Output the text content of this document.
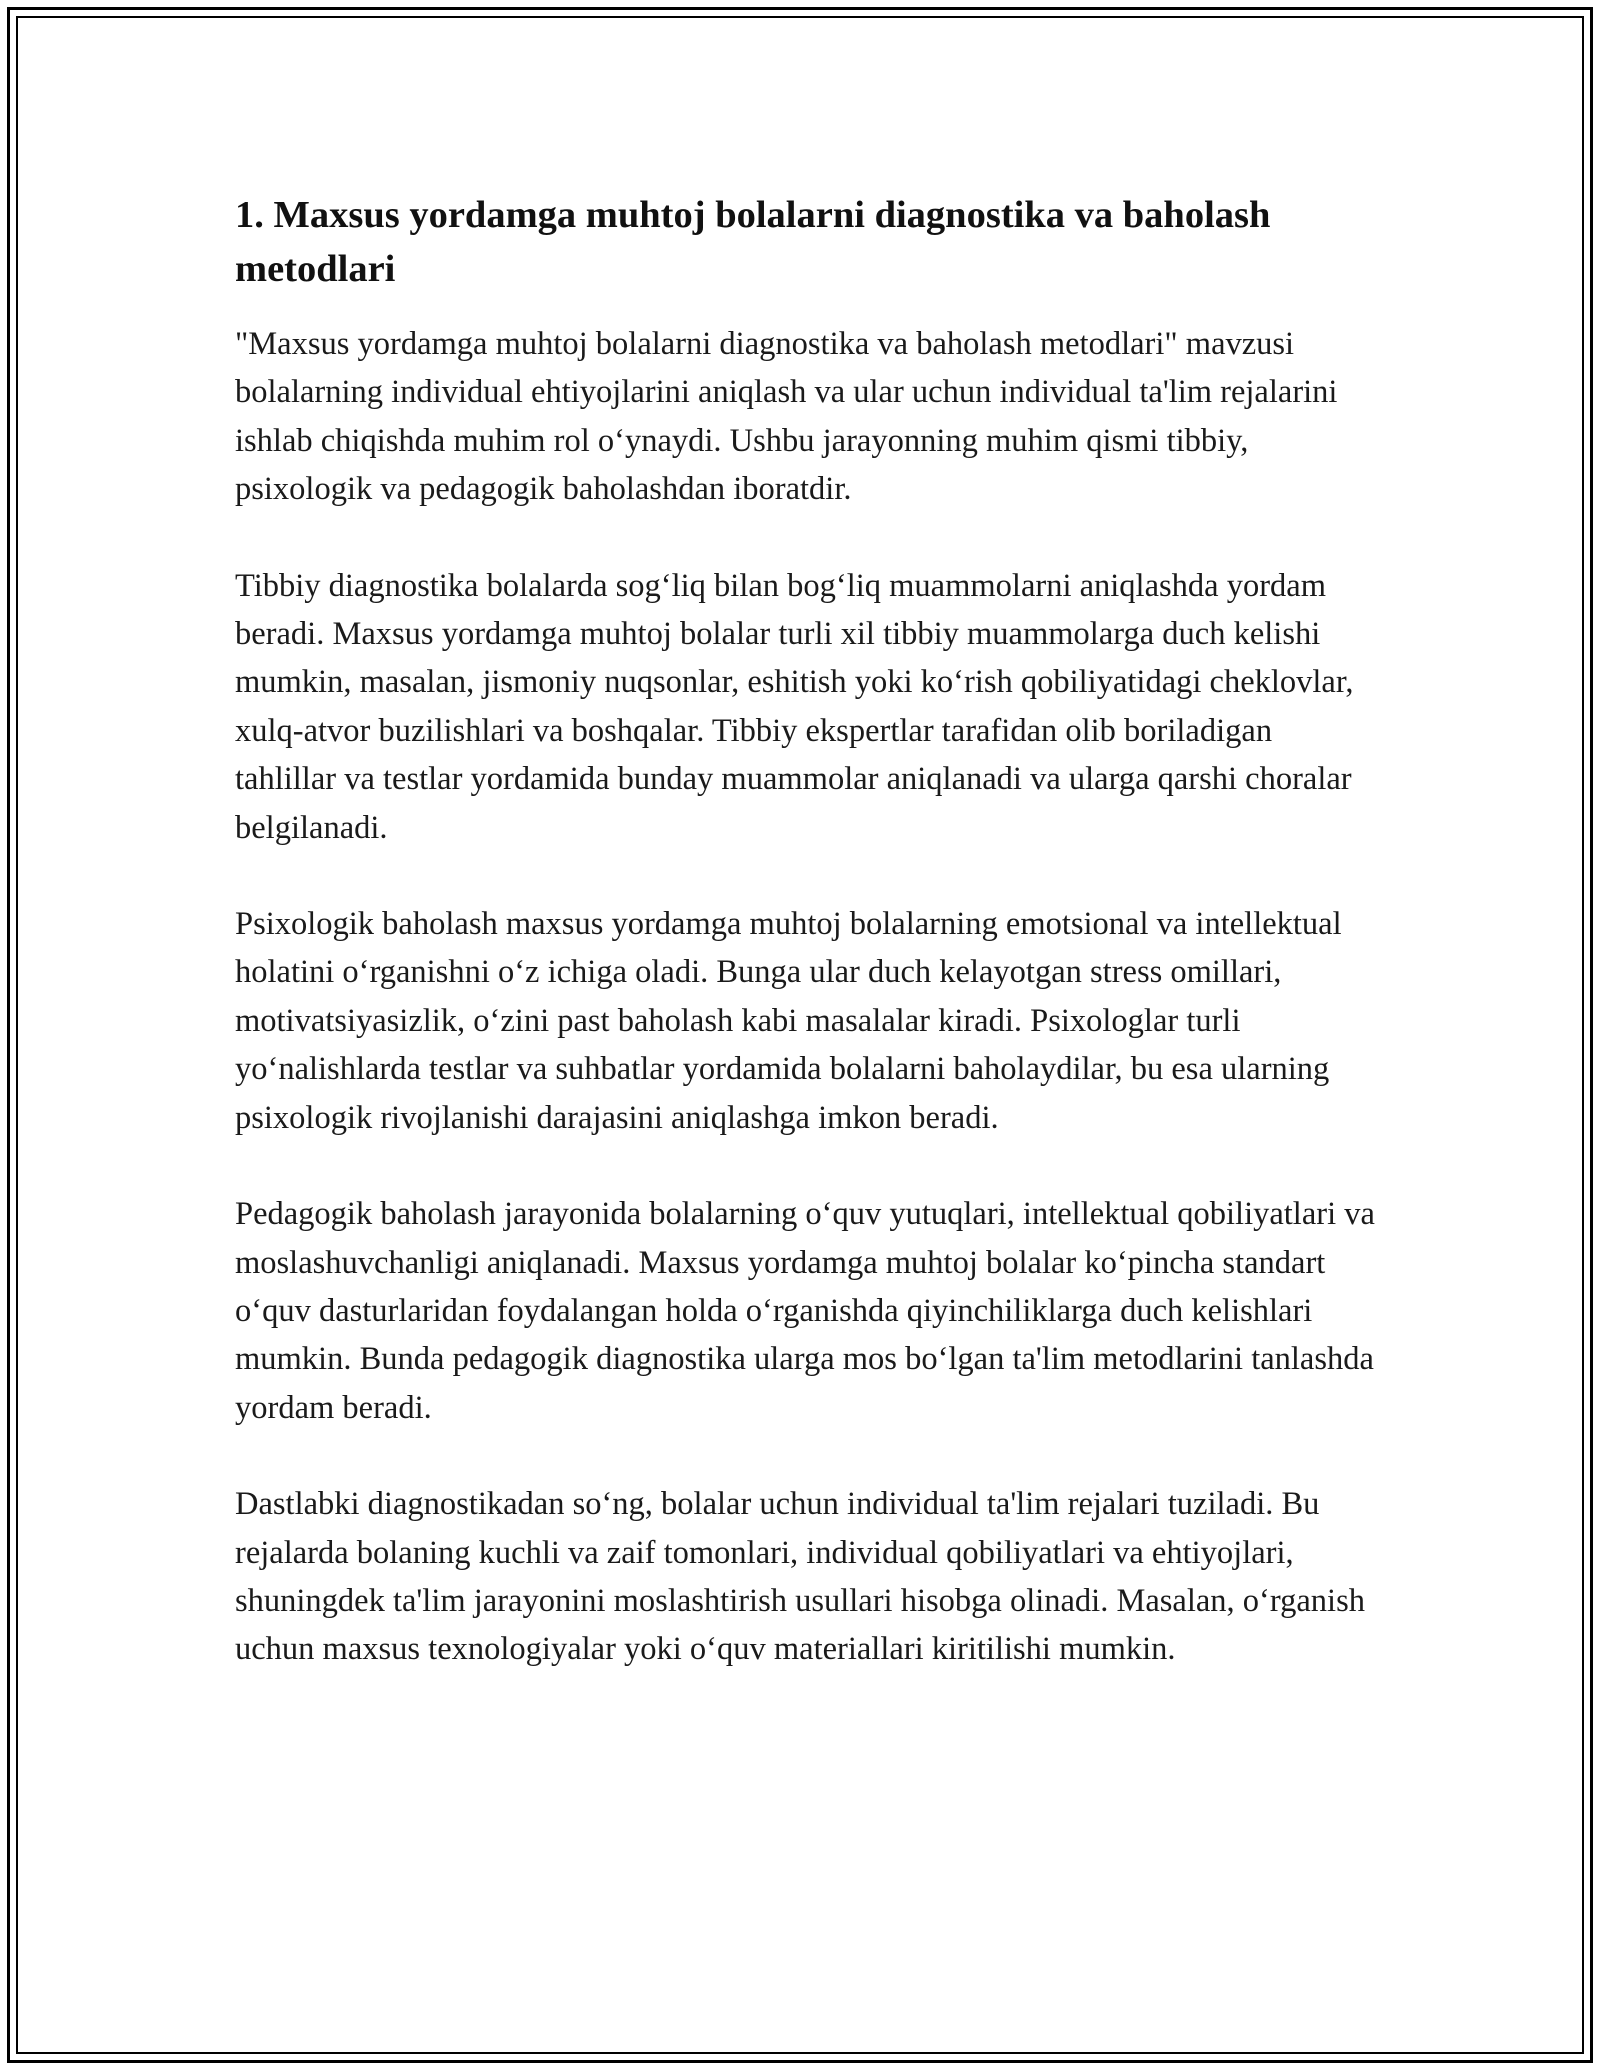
1. Maxsus yordamga muhtoj bolalarni diagnostika va baholash metodlari

"Maxsus yordamga muhtoj bolalarni diagnostika va baholash metodlari" mavzusi bolalarning individual ehtiyojlarini aniqlash va ular uchun individual ta'lim rejalarini ishlab chiqishda muhim rol o‘ynaydi. Ushbu jarayonning muhim qismi tibbiy, psixologik va pedagogik baholashdan iboratdir.

Tibbiy diagnostika bolalarda sog‘liq bilan bog‘liq muammolarni aniqlashda yordam beradi. Maxsus yordamga muhtoj bolalar turli xil tibbiy muammolarga duch kelishi mumkin, masalan, jismoniy nuqsonlar, eshitish yoki ko‘rish qobiliyatidagi cheklovlar, xulq-atvor buzilishlari va boshqalar. Tibbiy ekspertlar tarafidan olib boriladigan tahlillar va testlar yordamida bunday muammolar aniqlanadi va ularga qarshi choralar belgilanadi.

Psixologik baholash maxsus yordamga muhtoj bolalarning emotsional va intellektual holatini o‘rganishni o‘z ichiga oladi. Bunga ular duch kelayotgan stress omillari, motivatsiyasizlik, o‘zini past baholash kabi masalalar kiradi. Psixologlar turli yo‘nalishlarda testlar va suhbatlar yordamida bolalarni baholaydilar, bu esa ularning psixologik rivojlanishi darajasini aniqlashga imkon beradi.

Pedagogik baholash jarayonida bolalarning o‘quv yutuqlari, intellektual qobiliyatlari va moslashuvchanligi aniqlanadi. Maxsus yordamga muhtoj bolalar ko‘pincha standart o‘quv dasturlaridan foydalangan holda o‘rganishda qiyinchiliklarga duch kelishlari mumkin. Bunda pedagogik diagnostika ularga mos bo‘lgan ta'lim metodlarini tanlashda yordam beradi.

Dastlabki diagnostikadan so‘ng, bolalar uchun individual ta'lim rejalari tuziladi. Bu rejalarda bolaning kuchli va zaif tomonlari, individual qobiliyatlari va ehtiyojlari, shuningdek ta'lim jarayonini moslashtirish usullari hisobga olinadi. Masalan, o‘rganish uchun maxsus texnologiyalar yoki o‘quv materiallari kiritilishi mumkin.
